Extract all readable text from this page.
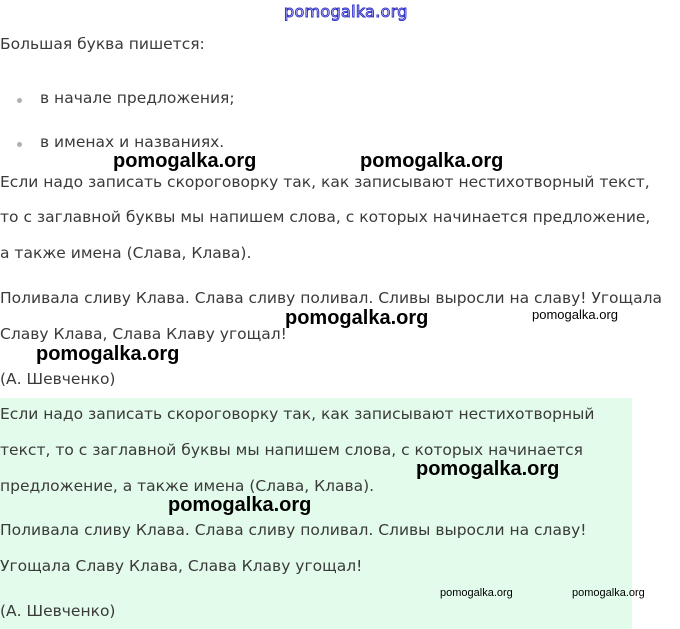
pomogalka.org
Большая буква пишется:
в начале предложения;
в именах и названиях.
Если надо записать скороговорку так, как записывают нестихотворный текст,
то с заглавной буквы мы напишем слова, с которых начинается предложение,
а также имена (Слава, Клава).
Поливала сливу Клава. Слава сливу поливал. Сливы выросли на славу! Угощала
Славу Клава, Слава Клаву угощал!
(А. Шевченко)
Если надо записать скороговорку так, как записывают нестихотворный
текст, то с заглавной буквы мы напишем слова, с которых начинается
предложение, а также имена (Слава, Клава).
Поливала сливу Клава. Слава сливу поливал. Сливы выросли на славу!
Угощала Славу Клава, Слава Клаву угощал!
(А. Шевченко)
pomogalka.org	pomogalka.org
pomogalka.org	pomogalka.org
pomogalka.org
pomogalka.org
pomogalka.org
pomogalka.org	pomogalka.org
